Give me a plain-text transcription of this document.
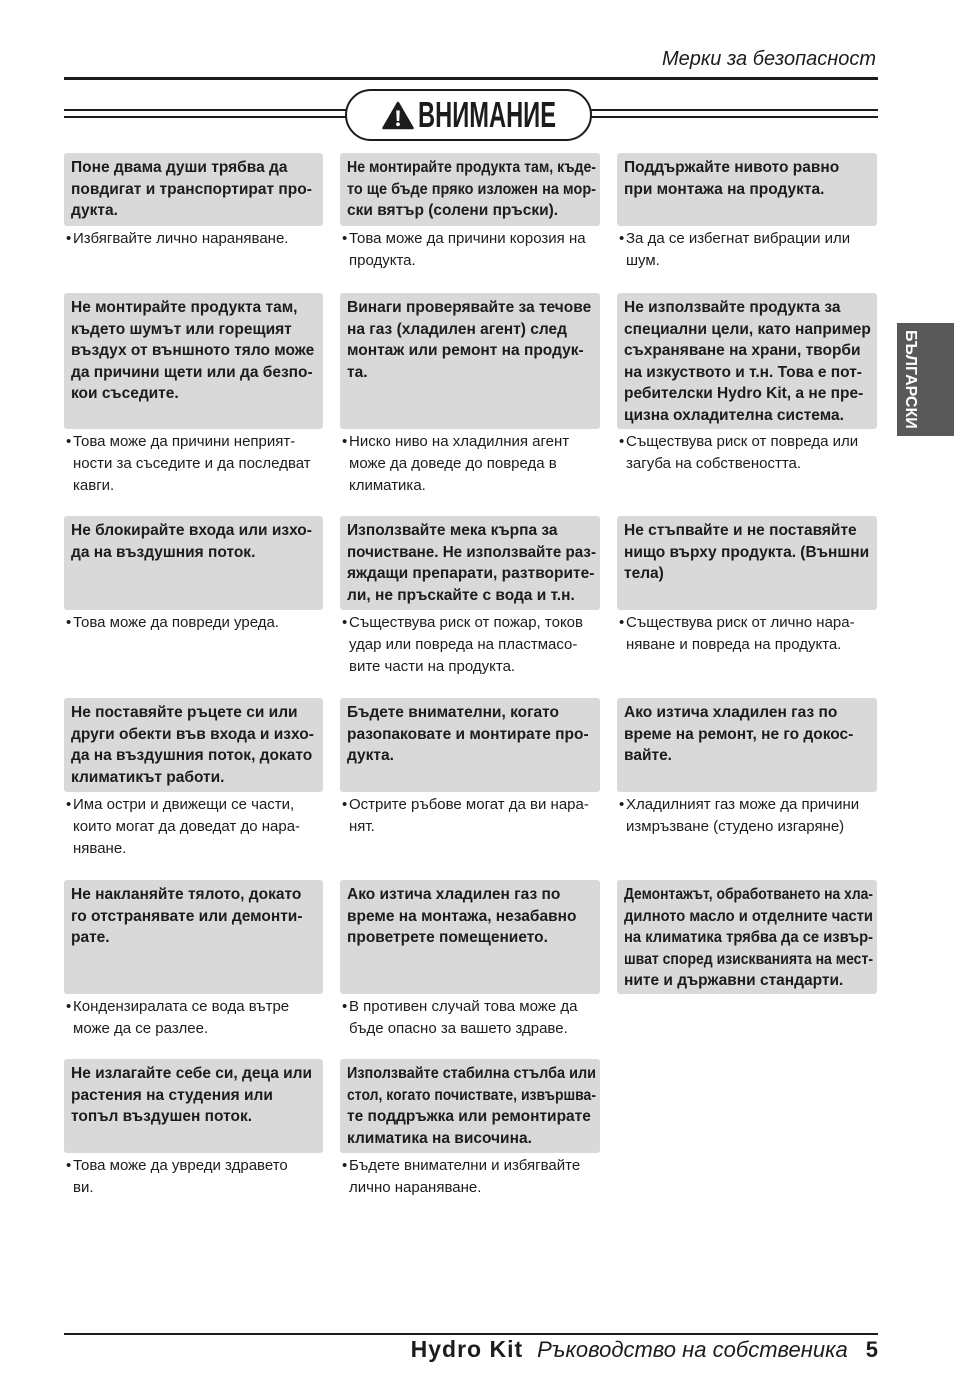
Мерки за безопасност
ВНИМАНИЕ
БЪЛГАРСКИ
Поне двама души трябва да
повдигат и транспортират про-
дукта.
• Избягвайте лично нараняване.
Не монтирайте продукта там, къде-
то ще бъде пряко изложен на мор-
ски вятър (солени пръски).
• Това може да причини корозия на
продукта.
Поддържайте нивото равно
при монтажа на продукта.
• За да се избегнат вибрации или
шум.
Не монтирайте продукта там,
където шумът или горещият
въздух от външното тяло може
да причини щети или да безпо-
кои съседите.
• Това може да причини неприят-
ности за съседите и да последват
кавги.
Винаги проверявайте за течове
на газ (хладилен агент) след
монтаж или ремонт на продук-
та.
• Ниско ниво на хладилния агент
може да доведе до повреда в
климатика.
Не използвайте продукта за
специални цели, като например
съхраняване на храни, творби
на изкуството и т.н. Това е пот-
ребителски Hydro Kit, а не пре-
цизна охладителна система.
• Съществува риск от повреда или
загуба на собствеността.
Не блокирайте входа или изхо-
да на въздушния поток.
• Това може да повреди уреда.
Използвайте мека кърпа за
почистване. Не използвайте раз-
яждащи препарати, разтворите-
ли, не пръскайте с вода и т.н.
• Съществува риск от пожар, токов
удар или повреда на пластмасо-
вите части на продукта.
Не стъпвайте и не поставяйте
нищо върху продукта. (Външни
тела)
• Съществува риск от лично нара-
няване и повреда на продукта.
Не поставяйте ръцете си или
други обекти във входа и изхо-
да на въздушния поток, докато
климатикът работи.
• Има остри и движещи се части,
които могат да доведат до нара-
няване.
Бъдете внимателни, когато
разопаковате и монтирате про-
дукта.
• Острите ръбове могат да ви нара-
нят.
Ако изтича хладилен газ по
време на ремонт, не го докос-
вайте.
• Хладилният газ може да причини
измръзване (студено изгаряне)
Не накланяйте тялото, докато
го отстранявате или демонти-
рате.
• Кондензиралата се вода вътре
може да се разлее.
Ако изтича хладилен газ по
време на монтажа, незабавно
проветрете помещението.
• В противен случай това може да
бъде опасно за вашето здраве.
Демонтажът, обработването на хла-
дилното масло и отделните части
на климатика трябва да се извър-
шват според изискванията на мест-
ните и държавни стандарти.
Не излагайте себе си, деца или
растения на студения или
топъл въздушен поток.
• Това може да увреди здравето
ви.
Използвайте стабилна стълба или
стол, когато почиствате, извършва-
те поддръжка или ремонтирате
климатика на височина.
• Бъдете внимателни и избягвайте
лично нараняване.
Hydro Kit Ръководство на собственика 5
